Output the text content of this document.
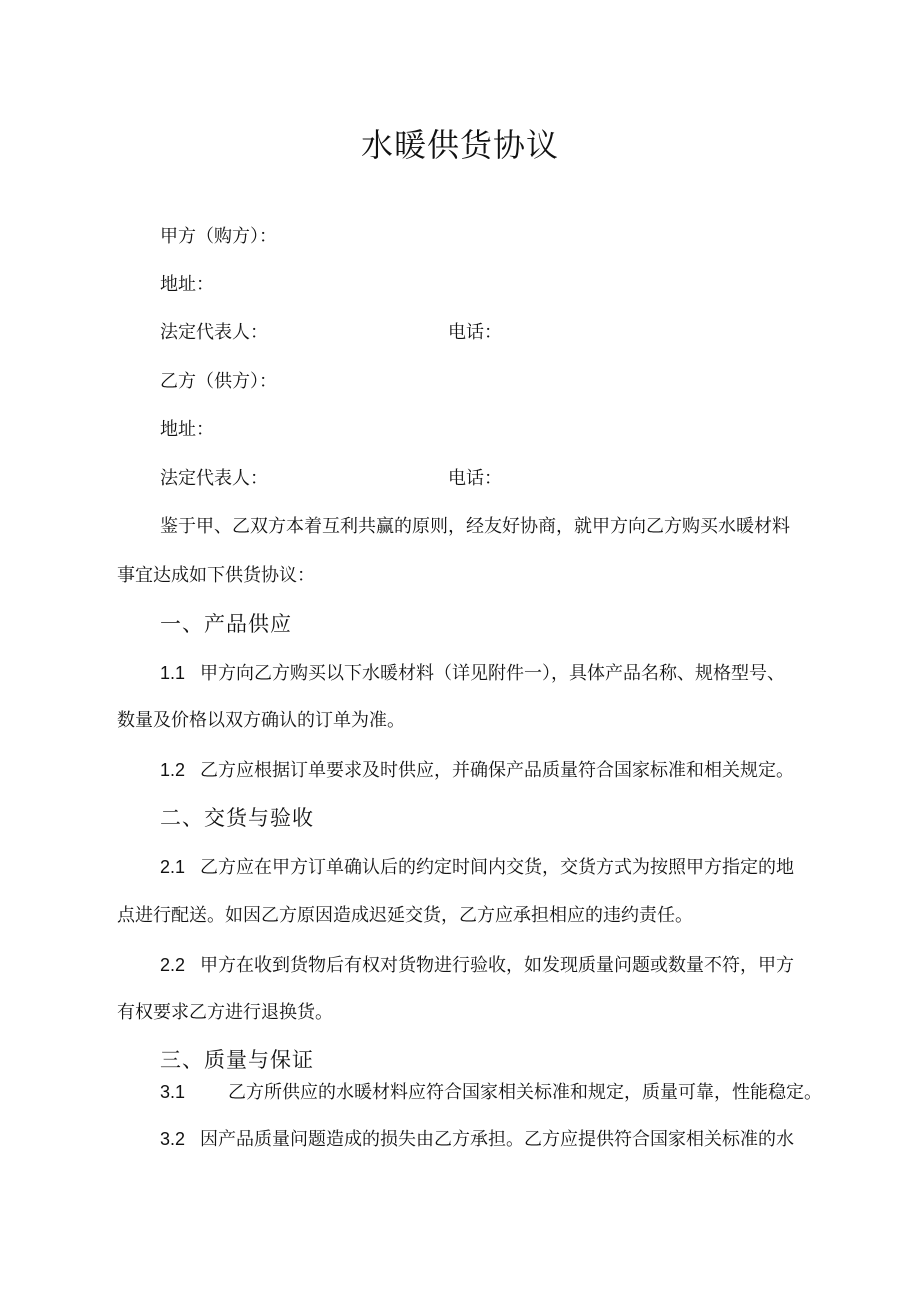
水暖供货协议
甲方（购方）：
地址：
法定代表人：	电话：
乙方（供方）：
地址：
法定代表人：	电话：
鉴于甲、乙双方本着互利共赢的原则，经友好协商，就甲方向乙方购买水暖材料
事宜达成如下供货协议：
一、产品供应
1.1 甲方向乙方购买以下水暖材料（详见附件一），具体产品名称、规格型号、
数量及价格以双方确认的订单为准。
1.2 乙方应根据订单要求及时供应，并确保产品质量符合国家标准和相关规定。
二、交货与验收
2.1 乙方应在甲方订单确认后的约定时间内交货，交货方式为按照甲方指定的地
点进行配送。如因乙方原因造成迟延交货，乙方应承担相应的违约责任。
2.2 甲方在收到货物后有权对货物进行验收，如发现质量问题或数量不符，甲方
有权要求乙方进行退换货。
三、质量与保证
3.1 乙方所供应的水暖材料应符合国家相关标准和规定，质量可靠，性能稳定。
3.2 因产品质量问题造成的损失由乙方承担。乙方应提供符合国家相关标准的水
